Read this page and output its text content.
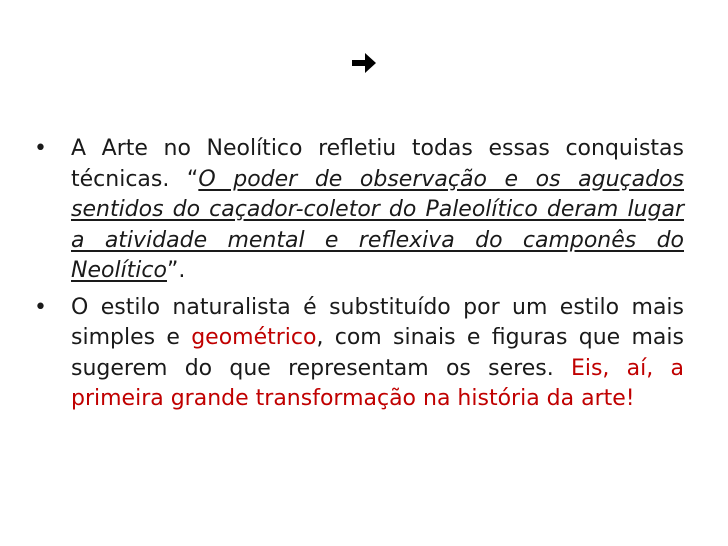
•	A Arte no Neolítico refletiu todas essas conquistas técnicas. “O poder de observação e os aguçados sentidos do caçador-coletor do Paleolítico deram lugar a atividade mental e reflexiva do camponês do Neolítico”.

•	O estilo naturalista é substituído por um estilo mais simples e geométrico, com sinais e figuras que mais sugerem do que representam os seres. Eis, aí, a primeira grande transformação na história da arte!
